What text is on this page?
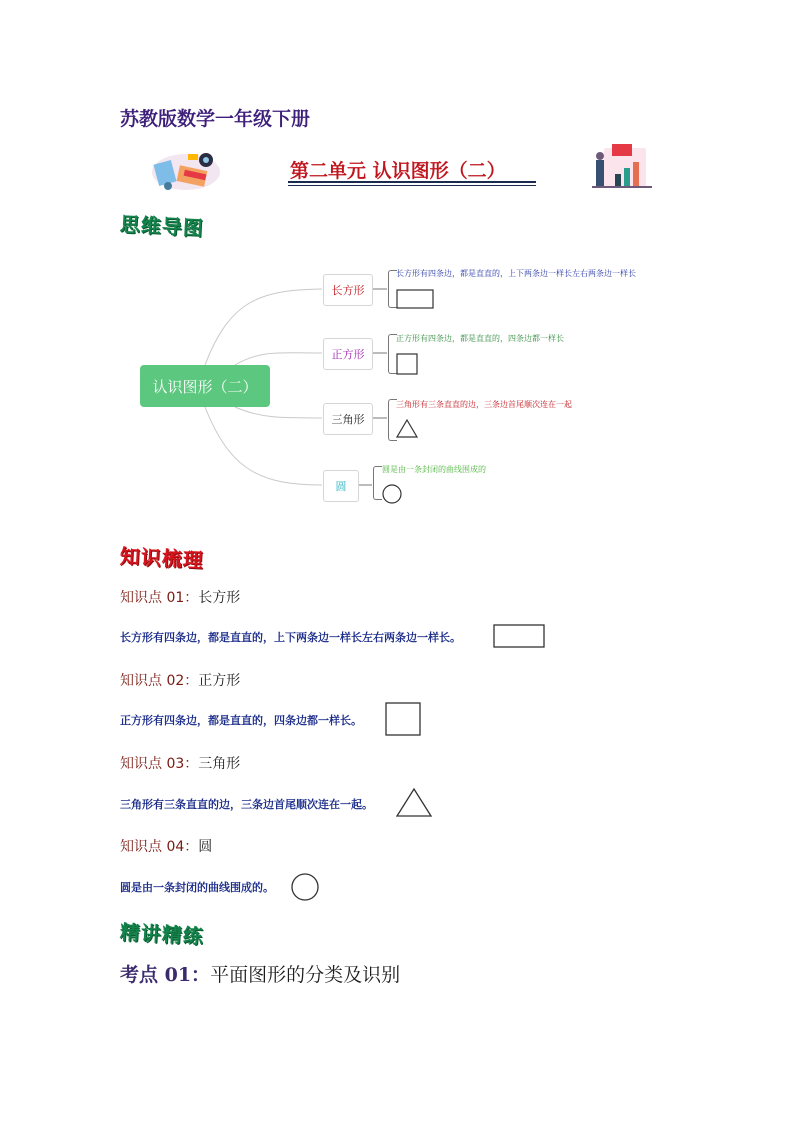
苏教版数学一年级下册
第二单元 认识图形（二）
思维导图
认识图形（二）
长方形
长方形有四条边，都是直直的，上下两条边一样长左右两条边一样长
正方形
正方形有四条边，都是直直的，四条边都一样长
三角形
三角形有三条直直的边，三条边首尾顺次连在一起
圆
圆是由一条封闭的曲线围成的
知识梳理
知识点 01：长方形
长方形有四条边，都是直直的，上下两条边一样长左右两条边一样长。
知识点 02：正方形
正方形有四条边，都是直直的，四条边都一样长。
知识点 03：三角形
三角形有三条直直的边，三条边首尾顺次连在一起。
知识点 04：圆
圆是由一条封闭的曲线围成的。
精讲精练
考点 01：平面图形的分类及识别
